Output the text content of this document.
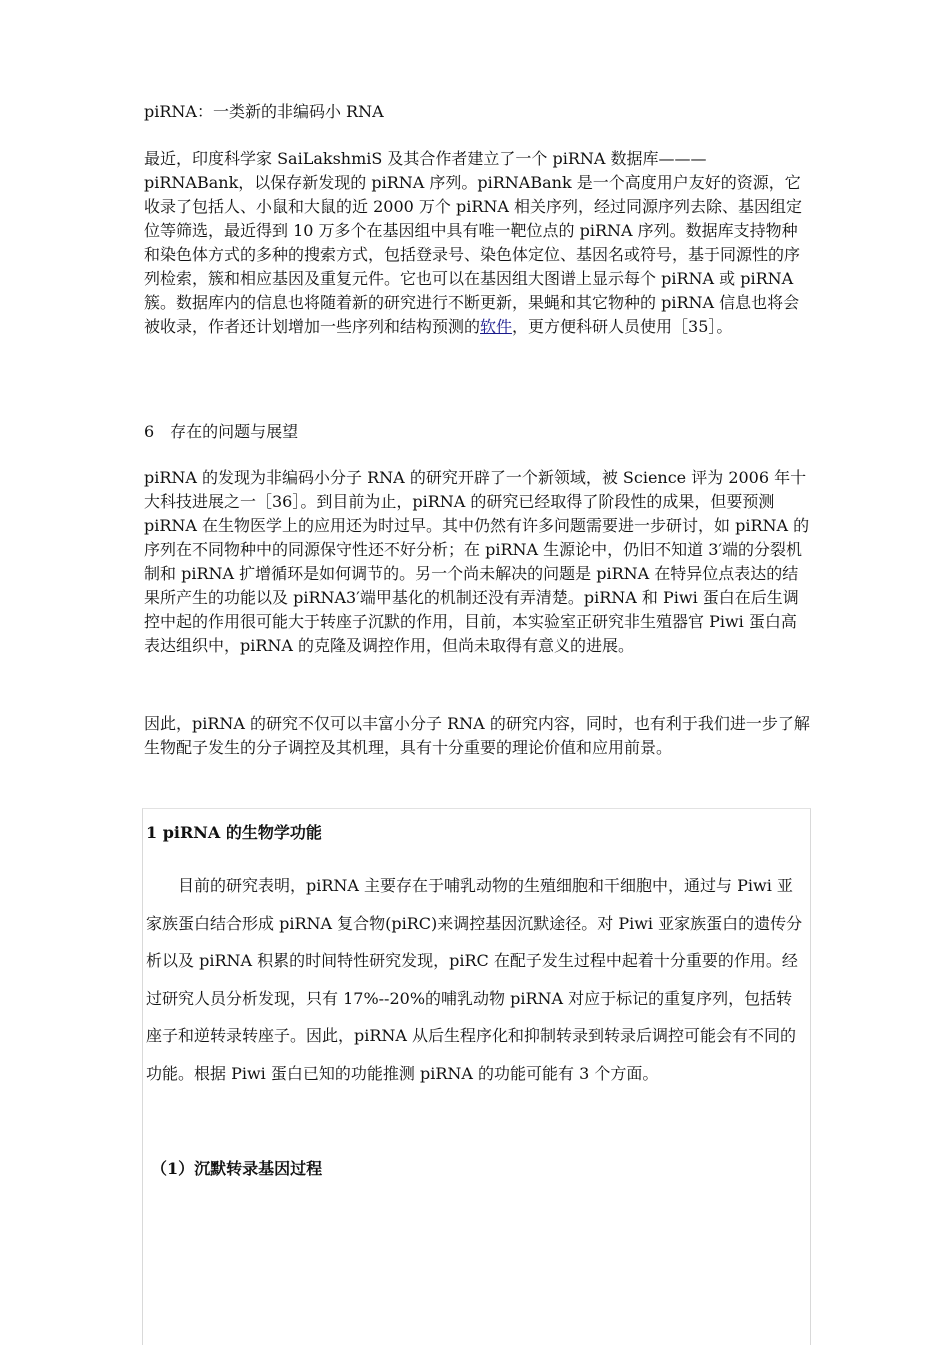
piRNA：一类新的非编码小 RNA

最近，印度科学家 SaiLakshmiS 及其合作者建立了一个 piRNA 数据库———piRNABank，以保存新发现的 piRNA 序列。piRNABank 是一个高度用户友好的资源，它收录了包括人、小鼠和大鼠的近 2000 万个 piRNA 相关序列，经过同源序列去除、基因组定位等筛选，最近得到 10 万多个在基因组中具有唯一靶位点的 piRNA 序列。数据库支持物种和染色体方式的多种的搜索方式，包括登录号、染色体定位、基因名或符号，基于同源性的序列检索，簇和相应基因及重复元件。它也可以在基因组大图谱上显示每个 piRNA 或 piRNA 簇。数据库内的信息也将随着新的研究进行不断更新，果蝇和其它物种的 piRNA 信息也将会被收录，作者还计划增加一些序列和结构预测的软件，更方便科研人员使用［35］。

6　存在的问题与展望

piRNA 的发现为非编码小分子 RNA 的研究开辟了一个新领域，被 Science 评为 2006 年十大科技进展之一［36］。到目前为止，piRNA 的研究已经取得了阶段性的成果，但要预测 piRNA 在生物医学上的应用还为时过早。其中仍然有许多问题需要进一步研讨，如 piRNA 的序列在不同物种中的同源保守性还不好分析；在 piRNA 生源论中，仍旧不知道 3′端的分裂机制和 piRNA 扩增循环是如何调节的。另一个尚未解决的问题是 piRNA 在特异位点表达的结果所产生的功能以及 piRNA3′端甲基化的机制还没有弄清楚。piRNA 和 Piwi 蛋白在后生调控中起的作用很可能大于转座子沉默的作用，目前，本实验室正研究非生殖器官 Piwi 蛋白高表达组织中，piRNA 的克隆及调控作用，但尚未取得有意义的进展。

因此，piRNA 的研究不仅可以丰富小分子 RNA 的研究内容，同时，也有利于我们进一步了解生物配子发生的分子调控及其机理，具有十分重要的理论价值和应用前景。

1 piRNA 的生物学功能

目前的研究表明，piRNA 主要存在于哺乳动物的生殖细胞和干细胞中，通过与 Piwi 亚家族蛋白结合形成 piRNA 复合物(piRC)来调控基因沉默途径。对 Piwi 亚家族蛋白的遗传分析以及 piRNA 积累的时间特性研究发现，piRC 在配子发生过程中起着十分重要的作用。经过研究人员分析发现，只有 17%--20%的哺乳动物 piRNA 对应于标记的重复序列，包括转座子和逆转录转座子。因此，piRNA 从后生程序化和抑制转录到转录后调控可能会有不同的功能。根据 Piwi 蛋白已知的功能推测 piRNA 的功能可能有 3 个方面。

（1）沉默转录基因过程
